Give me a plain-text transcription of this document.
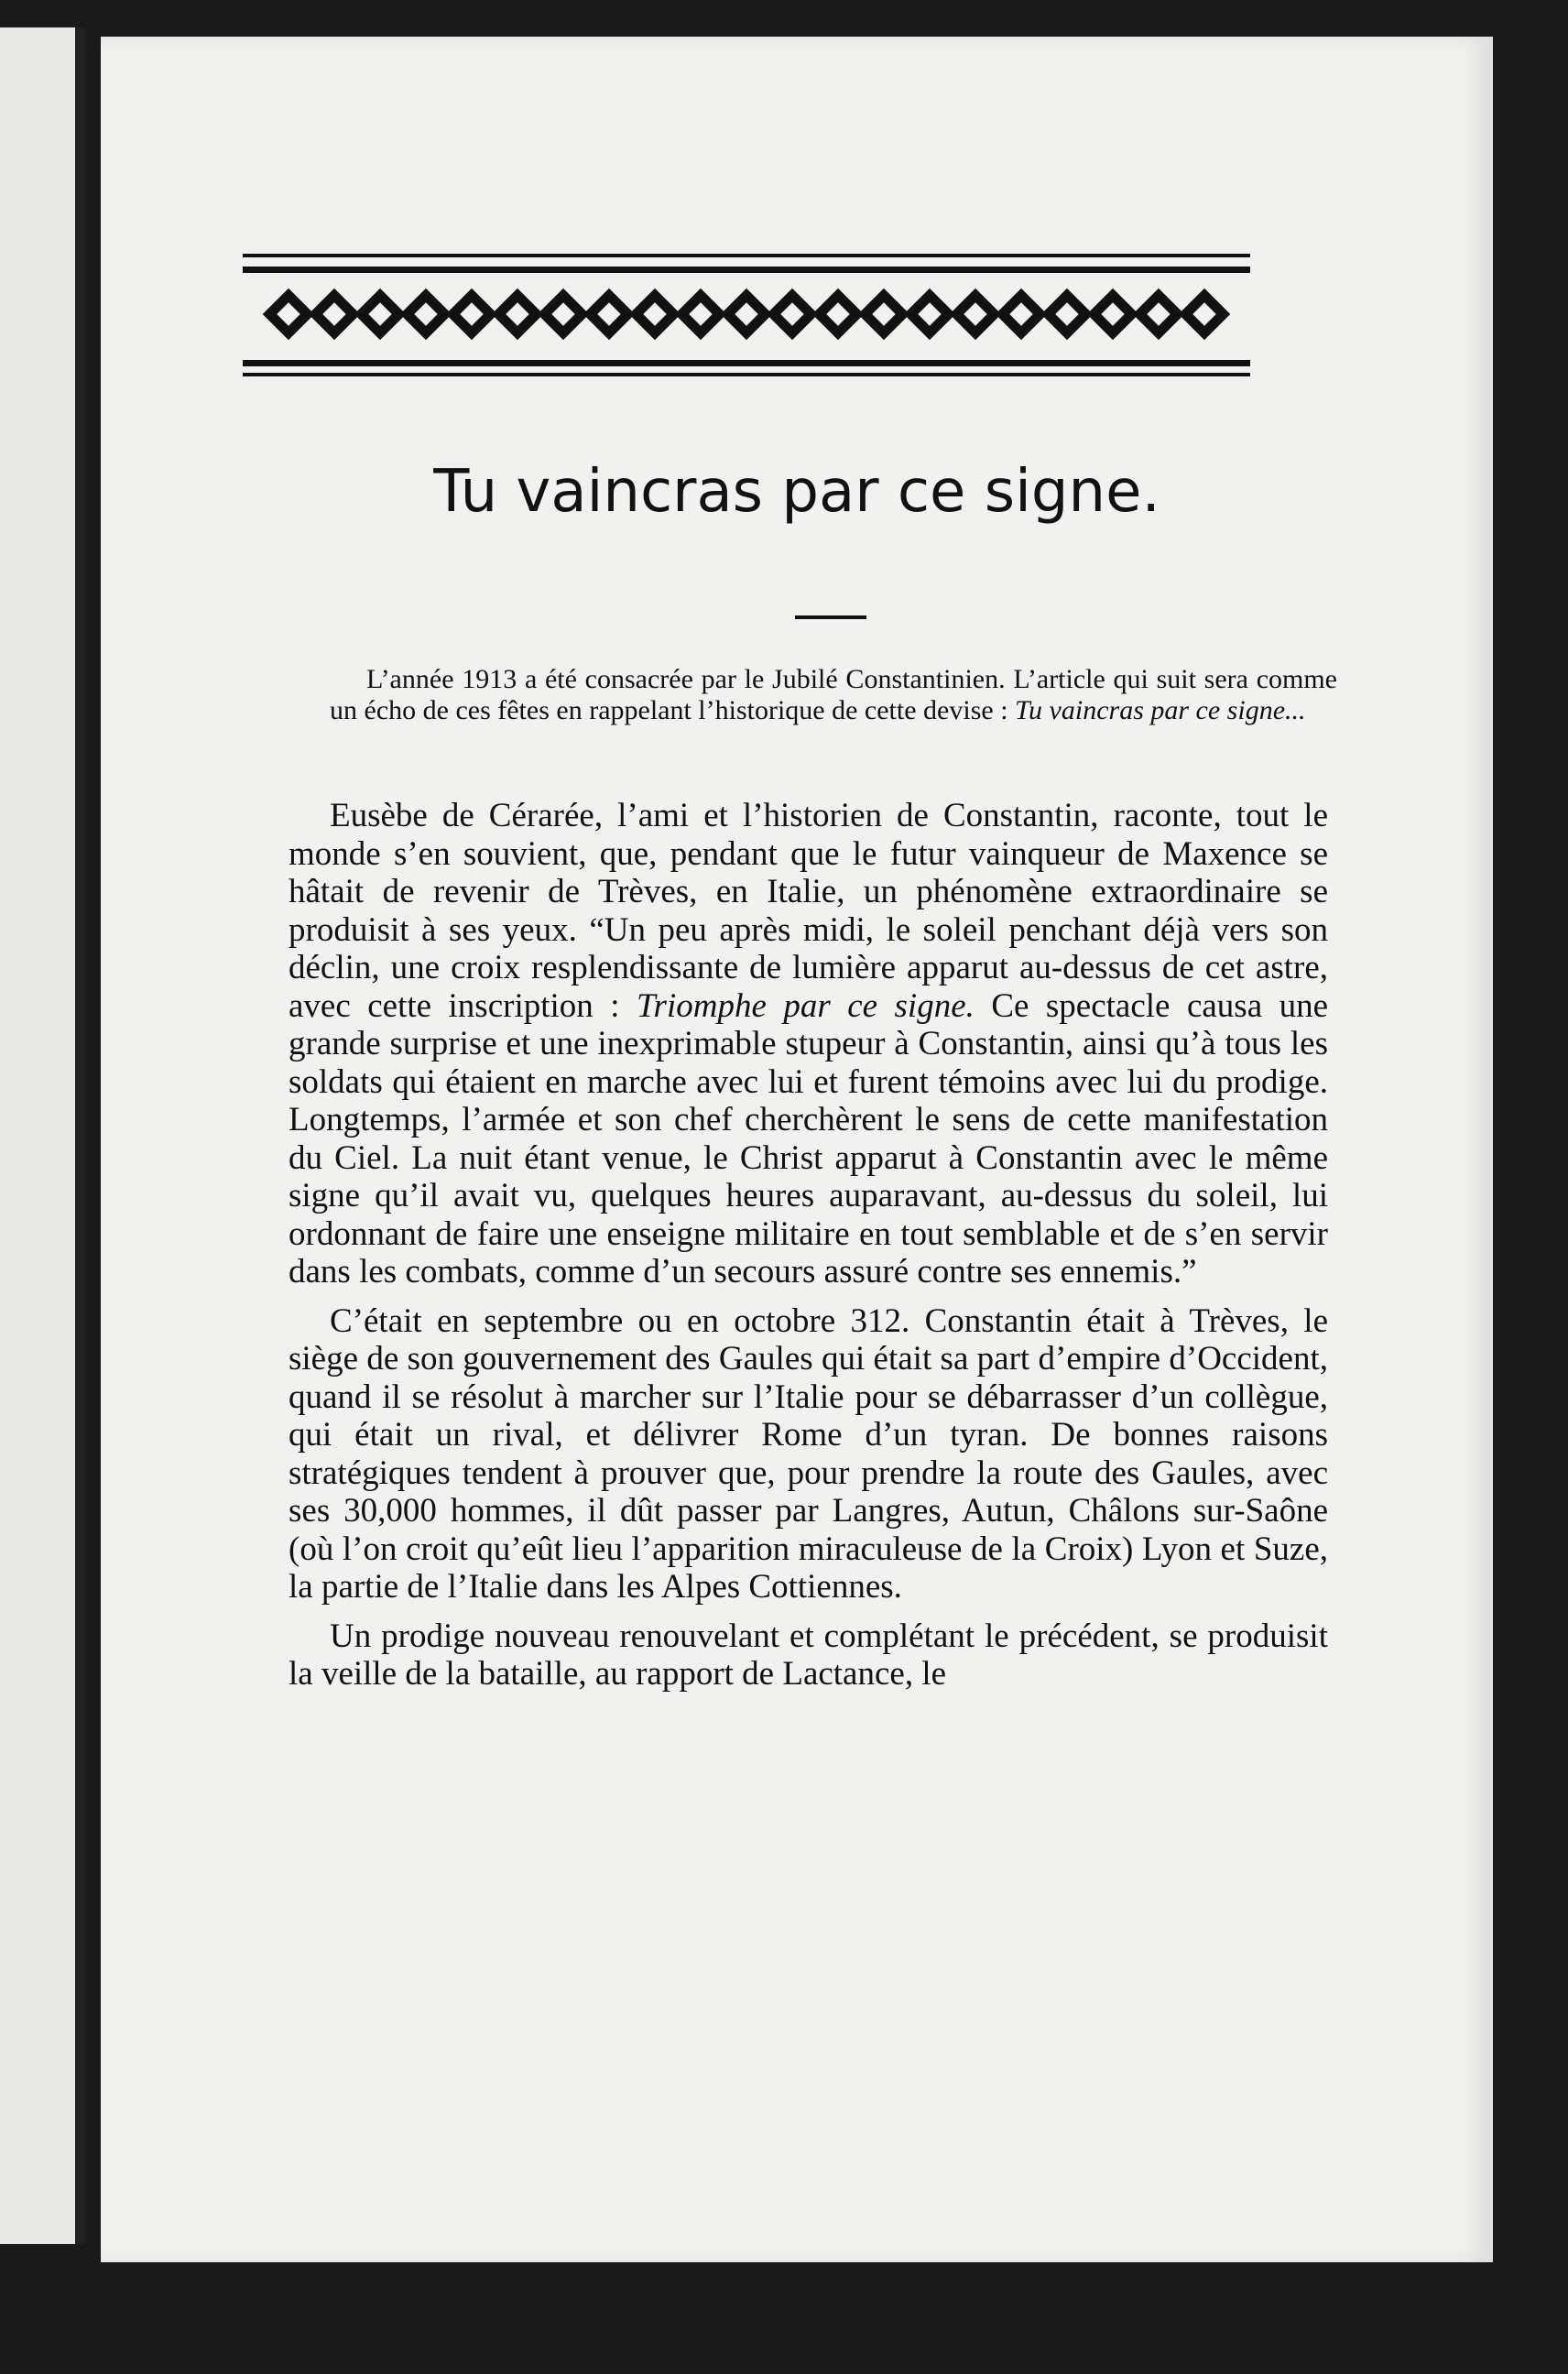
Tu vaincras par ce signe.

L’année 1913 a été consacrée par le Jubilé Constantinien. L’article qui suit sera comme un écho de ces fêtes en rappelant l’historique de cette devise : Tu vaincras par ce signe...

Eusèbe de Cérarée, l’ami et l’historien de Constantin, raconte, tout le monde s’en souvient, que, pendant que le futur vainqueur de Maxence se hâtait de revenir de Trèves, en Italie, un phénomène extraordinaire se produisit à ses yeux. “Un peu après midi, le soleil penchant déjà vers son déclin, une croix resplendissante de lumière apparut au-dessus de cet astre, avec cette inscription : Triomphe par ce signe. Ce spectacle causa une grande surprise et une inexprimable stupeur à Constantin, ainsi qu’à tous les soldats qui étaient en marche avec lui et furent témoins avec lui du prodige. Longtemps, l’armée et son chef cherchèrent le sens de cette manifestation du Ciel. La nuit étant venue, le Christ apparut à Constantin avec le même signe qu’il avait vu, quelques heures auparavant, au-dessus du soleil, lui ordonnant de faire une enseigne militaire en tout semblable et de s’en servir dans les combats, comme d’un secours assuré contre ses ennemis.”

C’était en septembre ou en octobre 312. Constantin était à Trèves, le siège de son gouvernement des Gaules qui était sa part d’empire d’Occident, quand il se résolut à marcher sur l’Italie pour se débarrasser d’un collègue, qui était un rival, et délivrer Rome d’un tyran. De bonnes raisons stratégiques tendent à prouver que, pour prendre la route des Gaules, avec ses 30,000 hommes, il dût passer par Langres, Autun, Châlons sur-Saône (où l’on croit qu’eût lieu l’apparition miraculeuse de la Croix) Lyon et Suze, la partie de l’Italie dans les Alpes Cottiennes.

Un prodige nouveau renouvelant et complétant le précédent, se produisit la veille de la bataille, au rapport de Lactance, le
